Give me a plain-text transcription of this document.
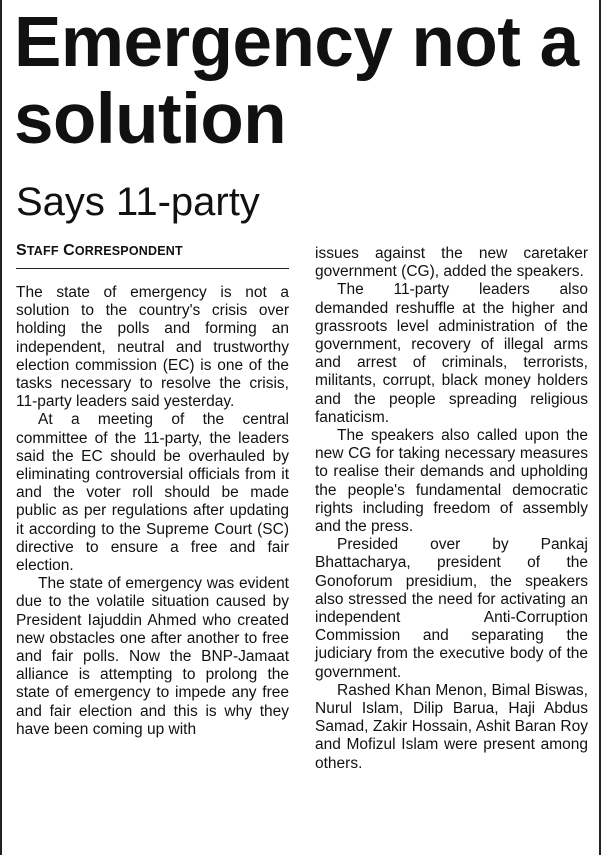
Emergency not a solution
Says 11-party
STAFF CORRESPONDENT

The state of emergency is not a solution to the country's crisis over holding the polls and forming an independent, neutral and trustworthy election commission (EC) is one of the tasks necessary to resolve the crisis, 11-party leaders said yesterday.

At a meeting of the central committee of the 11-party, the leaders said the EC should be overhauled by eliminating controversial officials from it and the voter roll should be made public as per regulations after updating it according to the Supreme Court (SC) directive to ensure a free and fair election.

The state of emergency was evident due to the volatile situation caused by President Iajuddin Ahmed who created new obstacles one after another to free and fair polls. Now the BNP-Jamaat alliance is attempting to prolong the state of emergency to impede any free and fair election and this is why they have been coming up with

issues against the new caretaker government (CG), added the speakers.

The 11-party leaders also demanded reshuffle at the higher and grassroots level administration of the government, recovery of illegal arms and arrest of criminals, terrorists, militants, corrupt, black money holders and the people spreading religious fanaticism.

The speakers also called upon the new CG for taking necessary measures to realise their demands and upholding the people's fundamental democratic rights including freedom of assembly and the press.

Presided over by Pankaj Bhattacharya, president of the Gonoforum presidium, the speakers also stressed the need for activating an independent Anti-Corruption Commission and separating the judiciary from the executive body of the government.

Rashed Khan Menon, Bimal Biswas, Nurul Islam, Dilip Barua, Haji Abdus Samad, Zakir Hossain, Ashit Baran Roy and Mofizul Islam were present among others.
